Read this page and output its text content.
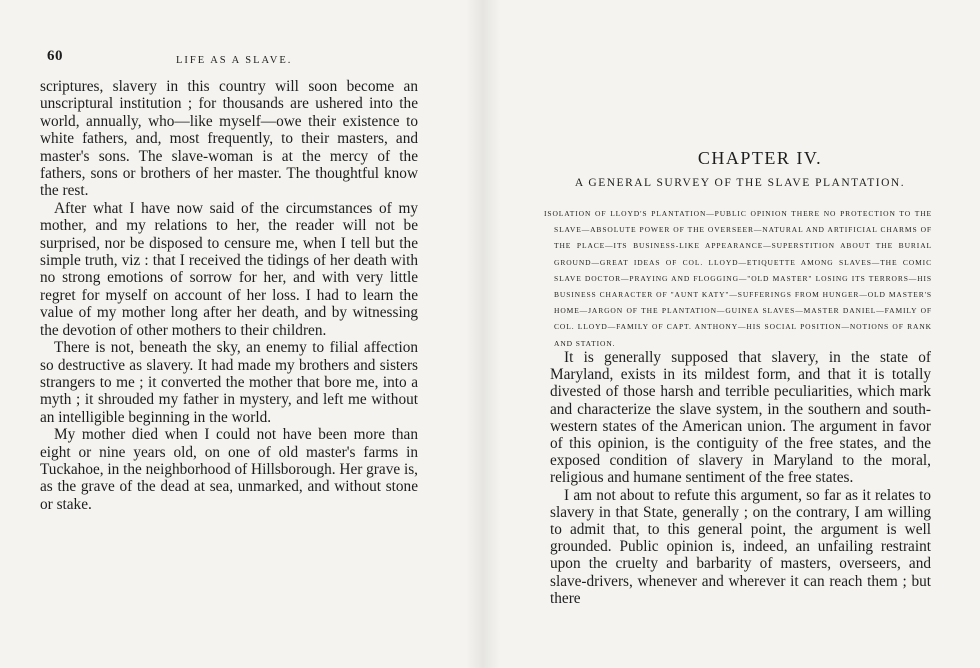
60	LIFE AS A SLAVE.

scriptures, slavery in this country will soon become an unscriptural institution ; for thousands are ushered into the world, annually, who—like myself—owe their existence to white fathers, and, most frequently, to their masters, and master's sons. The slave-woman is at the mercy of the fathers, sons or brothers of her master. The thoughtful know the rest.

After what I have now said of the circumstances of my mother, and my relations to her, the reader will not be surprised, nor be disposed to censure me, when I tell but the simple truth, viz : that I received the tidings of her death with no strong emotions of sorrow for her, and with very little regret for myself on account of her loss. I had to learn the value of my mother long after her death, and by witnessing the devotion of other mothers to their children.

There is not, beneath the sky, an enemy to filial affection so destructive as slavery. It had made my brothers and sisters strangers to me ; it converted the mother that bore me, into a myth ; it shrouded my father in mystery, and left me without an intelligible beginning in the world.

My mother died when I could not have been more than eight or nine years old, on one of old master's farms in Tuckahoe, in the neighborhood of Hillsborough. Her grave is, as the grave of the dead at sea, unmarked, and without stone or stake.

CHAPTER IV.
A GENERAL SURVEY OF THE SLAVE PLANTATION.
ISOLATION OF LLOYD'S PLANTATION—PUBLIC OPINION THERE NO PROTECTION TO THE SLAVE—ABSOLUTE POWER OF THE OVERSEER—NATURAL AND ARTIFICIAL CHARMS OF THE PLACE—ITS BUSINESS-LIKE APPEARANCE—SUPERSTITION ABOUT THE BURIAL GROUND—GREAT IDEAS OF COL. LLOYD—ETIQUETTE AMONG SLAVES—THE COMIC SLAVE DOCTOR—PRAYING AND FLOGGING—"OLD MASTER" LOSING ITS TERRORS—HIS BUSINESS CHARACTER OF "AUNT KATY"—SUFFERINGS FROM HUNGER—OLD MASTER'S HOME—JARGON OF THE PLANTATION—GUINEA SLAVES—MASTER DANIEL—FAMILY OF COL. LLOYD—FAMILY OF CAPT. ANTHONY—HIS SOCIAL POSITION—NOTIONS OF RANK AND STATION.

It is generally supposed that slavery, in the state of Maryland, exists in its mildest form, and that it is totally divested of those harsh and terrible peculiarities, which mark and characterize the slave system, in the southern and south-western states of the American union. The argument in favor of this opinion, is the contiguity of the free states, and the exposed condition of slavery in Maryland to the moral, religious and humane sentiment of the free states.

I am not about to refute this argument, so far as it relates to slavery in that State, generally ; on the contrary, I am willing to admit that, to this general point, the argument is well grounded. Public opinion is, indeed, an unfailing restraint upon the cruelty and barbarity of masters, overseers, and slave-drivers, whenever and wherever it can reach them ; but there
